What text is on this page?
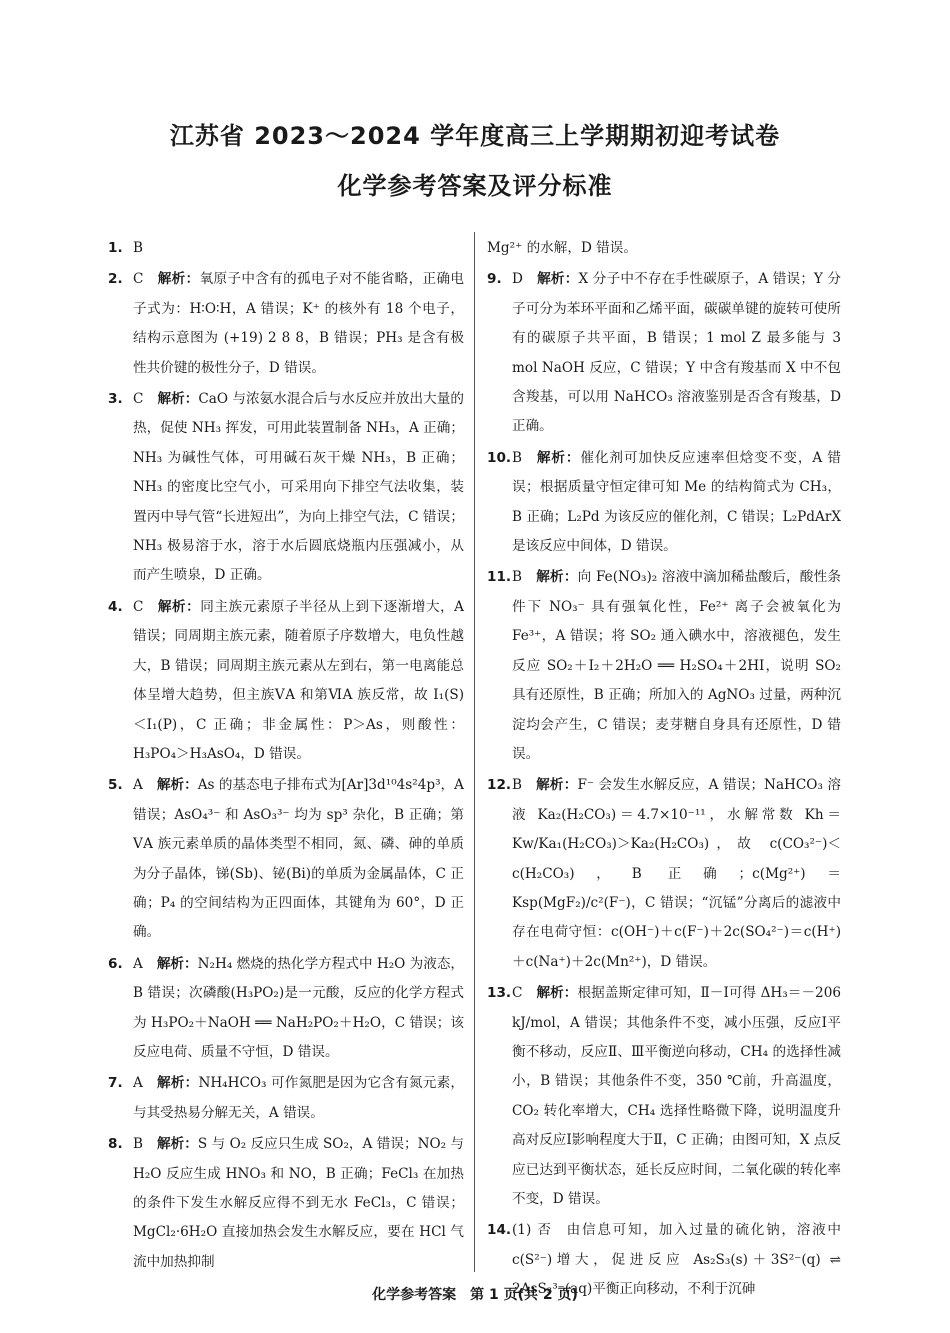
江苏省 2023～2024 学年度高三上学期期初迎考试卷
化学参考答案及评分标准
1. B
2. C 解析：氧原子中含有的孤电子对不能省略，正确电子式为：H∶O∶H，A 错误；K⁺ 的核外有 18 个电子，结构示意图为 (+19) 2 8 8，B 错误；PH₃ 是含有极性共价键的极性分子，D 错误。
3. C 解析：CaO 与浓氨水混合后与水反应并放出大量的热，促使 NH₃ 挥发，可用此装置制备 NH₃，A 正确；NH₃ 为碱性气体，可用碱石灰干燥 NH₃，B 正确；NH₃ 的密度比空气小，可采用向下排空气法收集，装置丙中导气管“长进短出”，为向上排空气法，C 错误；NH₃ 极易溶于水，溶于水后圆底烧瓶内压强减小，从而产生喷泉，D 正确。
4. C 解析：同主族元素原子半径从上到下逐渐增大，A 错误；同周期主族元素，随着原子序数增大，电负性越大，B 错误；同周期主族元素从左到右，第一电离能总体呈增大趋势，但主族ⅤA 和第ⅥA 族反常，故 I₁(S)＜I₁(P)，C 正确；非金属性：P＞As，则酸性：H₃PO₄＞H₃AsO₄，D 错误。
5. A 解析：As 的基态电子排布式为[Ar]3d¹⁰4s²4p³，A 错误；AsO₄³⁻ 和 AsO₃³⁻ 均为 sp³ 杂化，B 正确；第ⅤA 族元素单质的晶体类型不相同，氮、磷、砷的单质为分子晶体，锑(Sb)、铋(Bi)的单质为金属晶体，C 正确；P₄ 的空间结构为正四面体，其键角为 60°，D 正确。
6. A 解析：N₂H₄ 燃烧的热化学方程式中 H₂O 为液态，B 错误；次磷酸(H₃PO₂)是一元酸，反应的化学方程式为 H₃PO₂＋NaOH ══ NaH₂PO₂＋H₂O，C 错误；该反应电荷、质量不守恒，D 错误。
7. A 解析：NH₄HCO₃ 可作氮肥是因为它含有氮元素，与其受热易分解无关，A 错误。
8. B 解析：S 与 O₂ 反应只生成 SO₂，A 错误；NO₂ 与 H₂O 反应生成 HNO₃ 和 NO，B 正确；FeCl₃ 在加热的条件下发生水解反应得不到无水 FeCl₃，C 错误；MgCl₂·6H₂O 直接加热会发生水解反应，要在 HCl 气流中加热抑制
Mg²⁺ 的水解，D 错误。
9. D 解析：X 分子中不存在手性碳原子，A 错误；Y 分子可分为苯环平面和乙烯平面，碳碳单键的旋转可使所有的碳原子共平面，B 错误；1 mol Z 最多能与 3 mol NaOH 反应，C 错误；Y 中含有羧基而 X 中不包含羧基，可以用 NaHCO₃ 溶液鉴别是否含有羧基，D 正确。
10. B 解析：催化剂可加快反应速率但焓变不变，A 错误；根据质量守恒定律可知 Me 的结构简式为 CH₃，B 正确；L₂Pd 为该反应的催化剂，C 错误；L₂PdArX 是该反应中间体，D 错误。
11. B 解析：向 Fe(NO₃)₂ 溶液中滴加稀盐酸后，酸性条件下 NO₃⁻ 具有强氧化性，Fe²⁺ 离子会被氧化为 Fe³⁺，A 错误；将 SO₂ 通入碘水中，溶液褪色，发生反应 SO₂＋I₂＋2H₂O ══ H₂SO₄＋2HI，说明 SO₂ 具有还原性，B 正确；所加入的 AgNO₃ 过量，两种沉淀均会产生，C 错误；麦芽糖自身具有还原性，D 错误。
12. B 解析：F⁻ 会发生水解反应，A 错误；NaHCO₃ 溶液 Ka₂(H₂CO₃)＝4.7×10⁻¹¹，水解常数 Kh＝Kw/Ka₁(H₂CO₃)＞Ka₂(H₂CO₃)，故 c(CO₃²⁻)＜c(H₂CO₃)，B 正确；c(Mg²⁺)＝Ksp(MgF₂)/c²(F⁻)，C 错误；“沉锰”分离后的滤液中存在电荷守恒：c(OH⁻)＋c(F⁻)＋2c(SO₄²⁻)＝c(H⁺)＋c(Na⁺)＋2c(Mn²⁺)，D 错误。
13. C 解析：根据盖斯定律可知，Ⅱ－Ⅰ可得 ΔH₃＝－206 kJ/mol，A 错误；其他条件不变，减小压强，反应Ⅰ平衡不移动，反应Ⅱ、Ⅲ平衡逆向移动，CH₄ 的选择性减小，B 错误；其他条件不变，350 ℃前，升高温度，CO₂ 转化率增大，CH₄ 选择性略微下降，说明温度升高对反应Ⅰ影响程度大于Ⅱ，C 正确；由图可知，X 点反应已达到平衡状态，延长反应时间，二氧化碳的转化率不变，D 错误。
14. (1) 否 由信息可知，加入过量的硫化钠，溶液中 c(S²⁻)增大，促进反应 As₂S₃(s)＋3S²⁻(q) ⇌ 2AsS₃³⁻(aq)平衡正向移动，不利于沉砷
化学参考答案　第 1 页(共 2 页)
